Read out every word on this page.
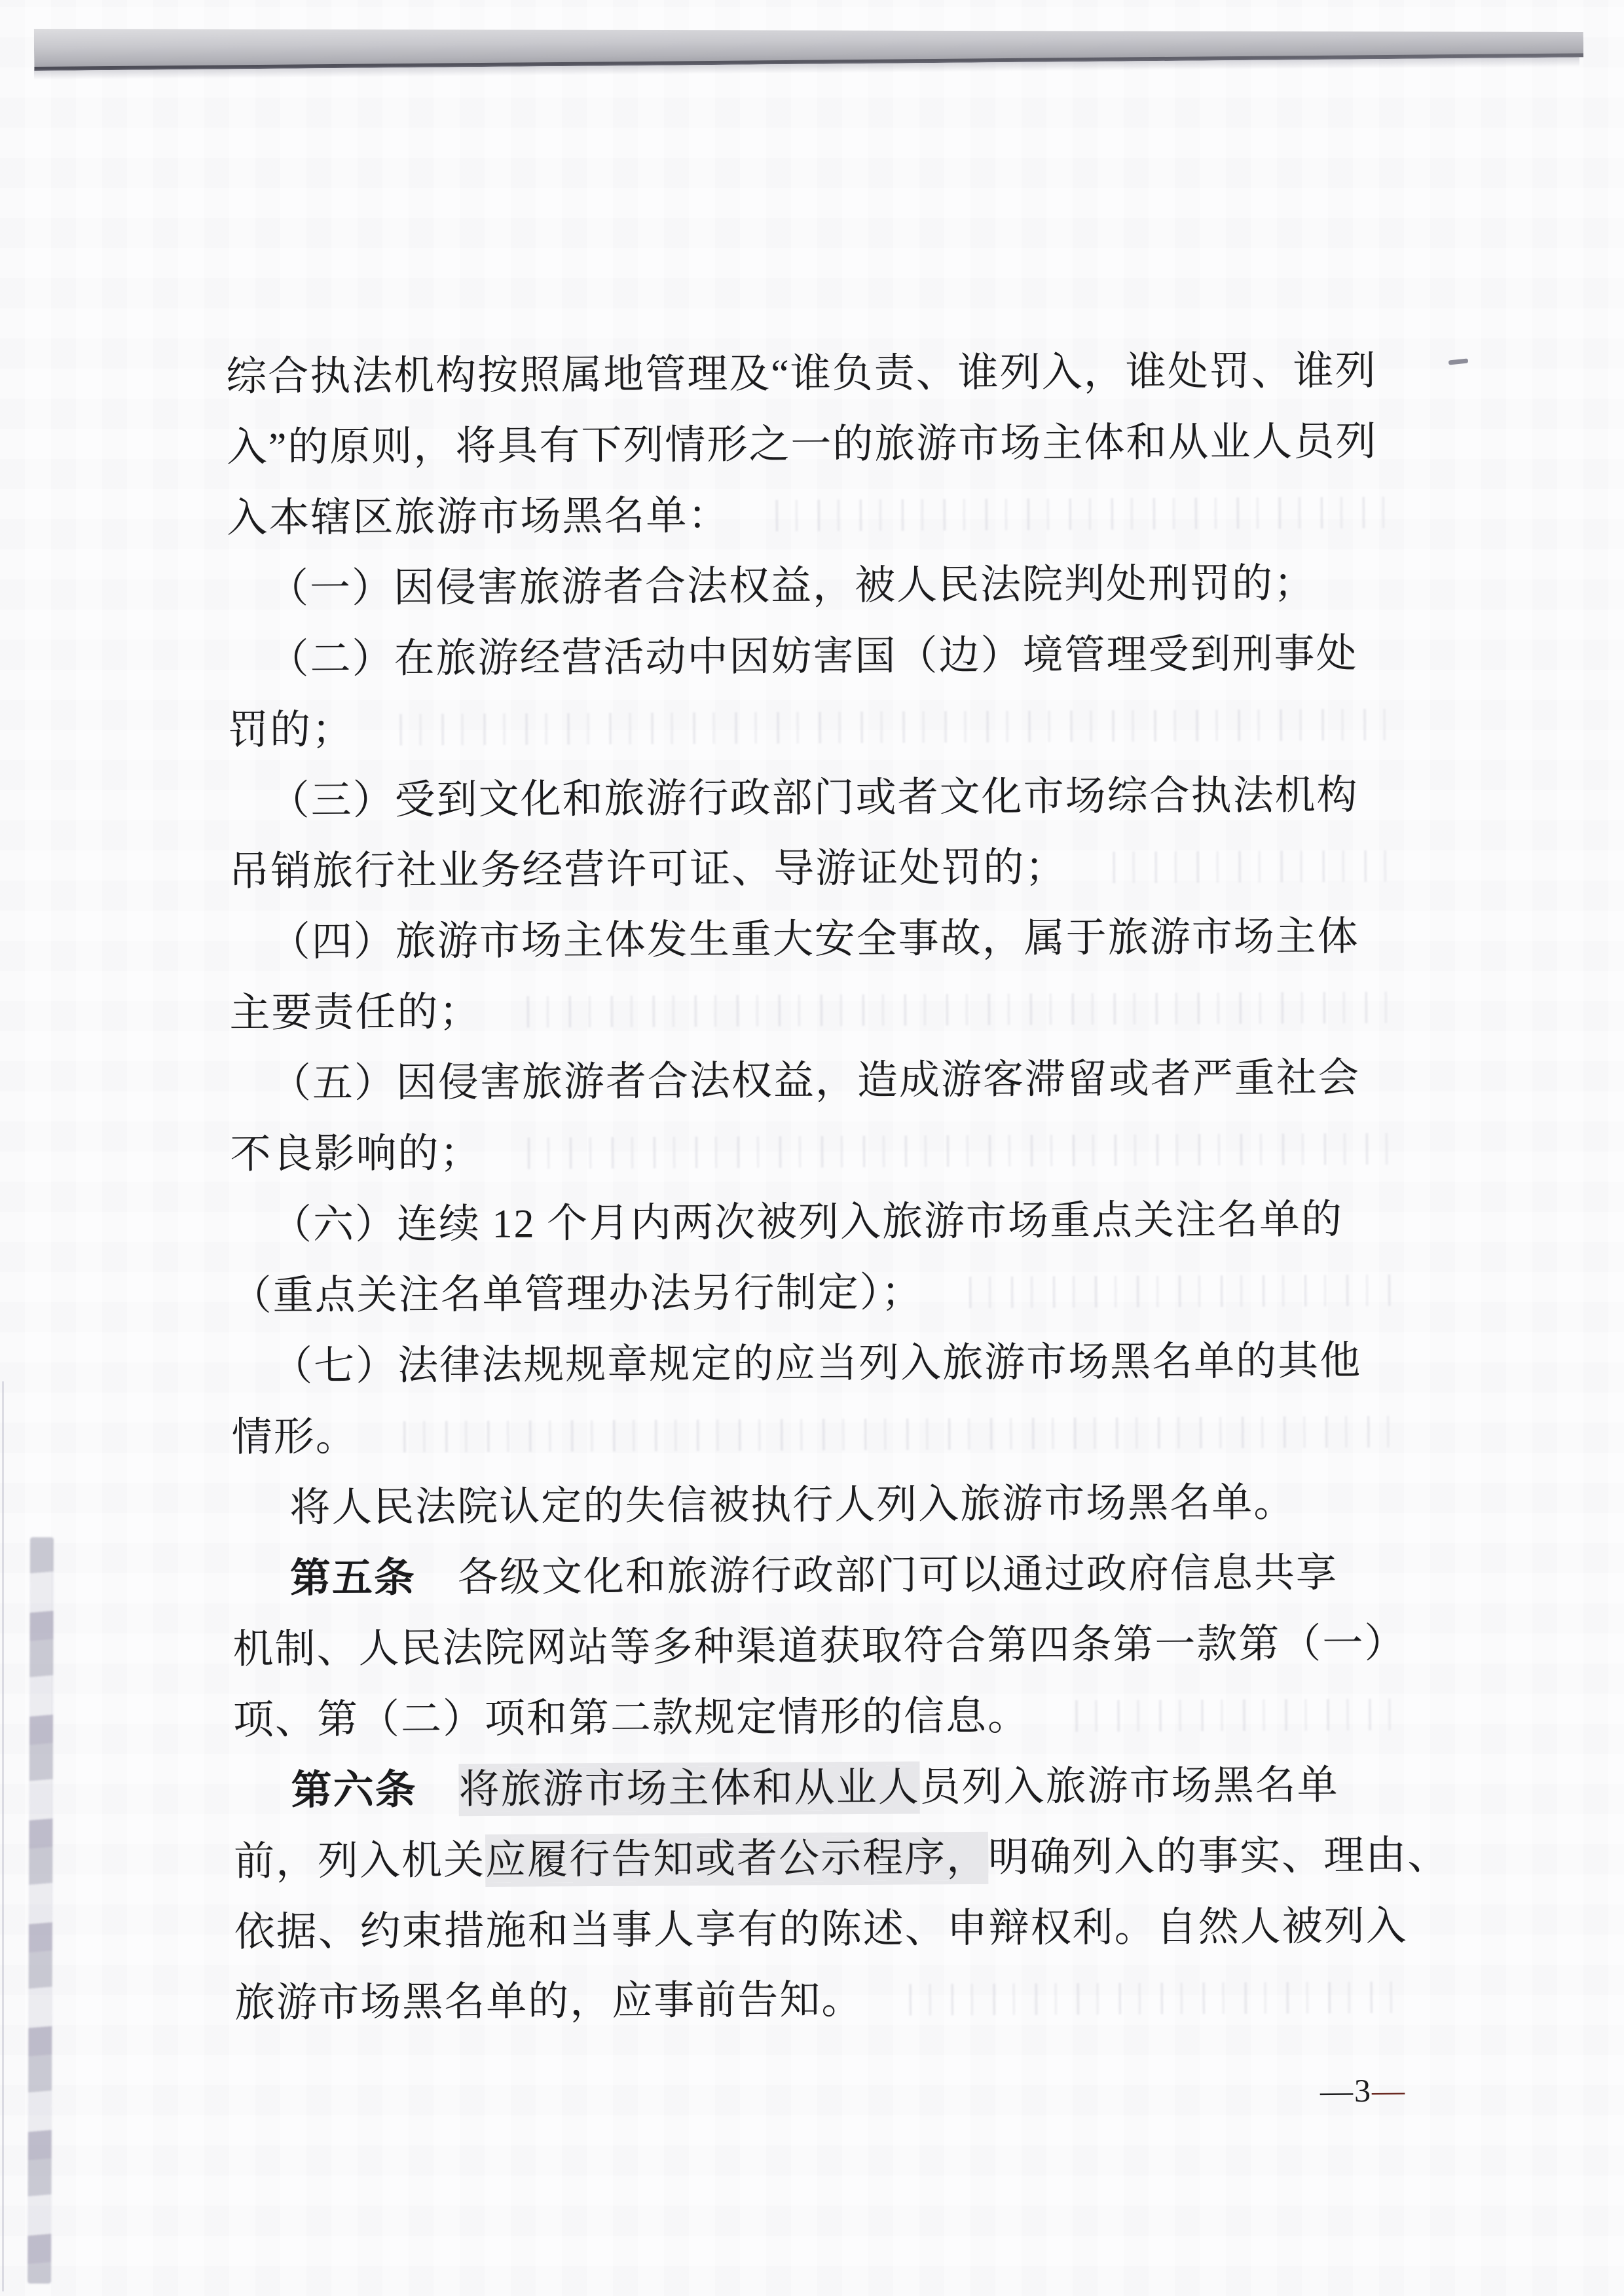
综合执法机构按照属地管理及“谁负责、谁列入，谁处罚、谁列
入”的原则，将具有下列情形之一的旅游市场主体和从业人员列
入本辖区旅游市场黑名单：
（一）因侵害旅游者合法权益，被人民法院判处刑罚的；
（二）在旅游经营活动中因妨害国（边）境管理受到刑事处
罚的；
（三）受到文化和旅游行政部门或者文化市场综合执法机构
吊销旅行社业务经营许可证、导游证处罚的；
（四）旅游市场主体发生重大安全事故，属于旅游市场主体
主要责任的；
（五）因侵害旅游者合法权益，造成游客滞留或者严重社会
不良影响的；
（六）连续 12 个月内两次被列入旅游市场重点关注名单的
（重点关注名单管理办法另行制定）；
（七）法律法规规章规定的应当列入旅游市场黑名单的其他
情形。
将人民法院认定的失信被执行人列入旅游市场黑名单。
第五条　各级文化和旅游行政部门可以通过政府信息共享
机制、人民法院网站等多种渠道获取符合第四条第一款第（一）
项、第（二）项和第二款规定情形的信息。
第六条　 将旅游市场主体和从业人员列入旅游市场黑名单
前，列入机关应履行告知或者公示程序，明确列入的事实、理由、
依据、约束措施和当事人享有的陈述、申辩权利。自然人被列入
旅游市场黑名单的，应事前告知。
—3—
